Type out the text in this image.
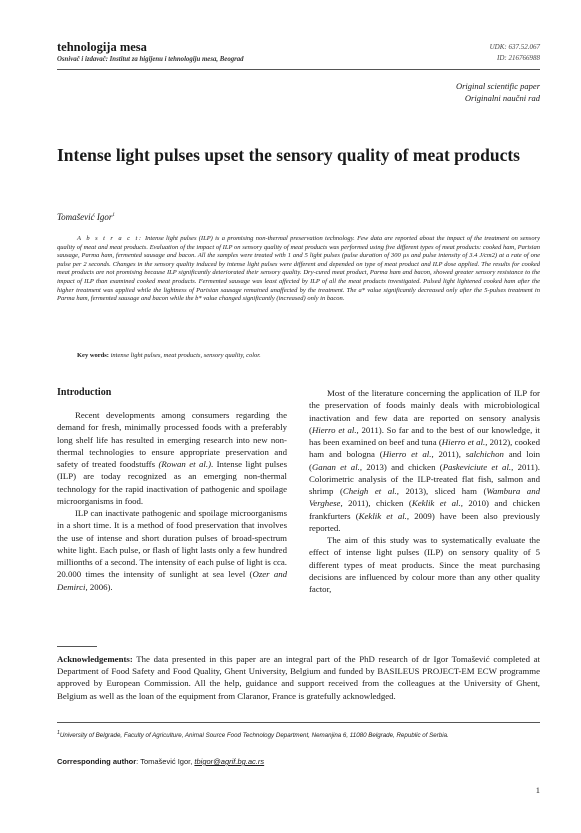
tehnologija mesa
Osnivač i izdavač: Institut za higijenu i tehnologiju mesa, Beograd
UDK: 637.52.067
ID: 216766988
Original scientific paper
Originalni naučni rad
Intense light pulses upset the sensory quality of meat products
Tomašević Igor$^1$
A b s t r a c t: Intense light pulses (ILP) is a promising non-thermal preservation technology. Few data are reported about the impact of the treatment on sensory quality of meat and meat products. Evaluation of the impact of ILP on sensory quality of meat products was performed using five different types of meat products: cooked ham, Parisian sausage, Parma ham, fermented sausage and bacon. All the samples were treated with 1 and 5 light pulses (pulse duration of 300 µs and pulse intensity of 3.4 J/cm2) at a rate of one pulse per 2 seconds. Changes in the sensory quality induced by intense light pulses were different and depended on type of meat product and ILP dose applied. The results for cooked meat products are not promising because ILP significantly deteriorated their sensory quality. Dry-cured meat product, Parma ham and bacon, showed greater sensory resistance to the impact of ILP than examined cooked meat products. Fermented sausage was least affected by ILP of all the meat products investigated. Pulsed light lightened cooked ham after the higher treatment was applied while the lightness of Parisian sausage remained unaffected by the treatment. The a* value significantly decreased only after the 5-pulses treatment in Parma ham, fermented sausage and bacon while the b* value changed significantly (increased) only in bacon.
Key words: intense light pulses, meat products, sensory quality, color.
Introduction

Recent developments among consumers regarding the demand for fresh, minimally processed foods with a preferably long shelf life has resulted in emerging research into new non-thermal technologies to ensure appropriate preservation and safety of treated foodstuffs (Rowan et al.). Intense light pulses (ILP) are today recognized as an emerging non-thermal technology for the rapid inactivation of pathogenic and spoilage microorganisms in food.

ILP can inactivate pathogenic and spoilage microorganisms in a short time. It is a method of food preservation that involves the use of intense and short duration pulses of broad-spectrum white light. Each pulse, or flash of light lasts only a few hundred millionths of a second. The intensity of each pulse of light is cca. 20.000 times the intensity of sunlight at sea level (Ozer and Demirci, 2006).

Most of the literature concerning the application of ILP for the preservation of foods mainly deals with microbiological inactivation and few data are reported on sensory analysis (Hierro et al., 2011). So far and to the best of our knowledge, it has been examined on beef and tuna (Hierro et al., 2012), cooked ham and bologna (Hierro et al., 2011), salchichon and loin (Ganan et al., 2013) and chicken (Paskeviciute et al., 2011). Colorimetric analysis of the ILP-treated flat fish, salmon and shrimp (Cheigh et al., 2013), sliced ham (Wambura and Verghese, 2011), chicken (Keklik et al., 2010) and chicken frankfurters (Keklik et al., 2009) have been also previously reported.

The aim of this study was to systematically evaluate the effect of intense light pulses (ILP) on sensory quality of 5 different types of meat products. Since the meat purchasing decisions are influenced by colour more than any other quality factor,

Acknowledgements: The data presented in this paper are an integral part of the PhD research of dr Igor Tomašević completed at Department of Food Safety and Food Quality, Ghent University, Belgium and funded by BASILEUS PROJECT-EM ECW programme approved by European Commission. All the help, guidance and support received from the colleagues at the University of Ghent, Belgium as well as the loan of the equipment from Claranor, France is gratefully acknowledged.
$^1$University of Belgrade, Faculty of Agriculture, Animal Source Food Technology Department, Nemanjina 6, 11080 Belgrade, Republic of Serbia.
Corresponding author: Tomašević Igor, tbigor@agrif.bg.ac.rs
1
